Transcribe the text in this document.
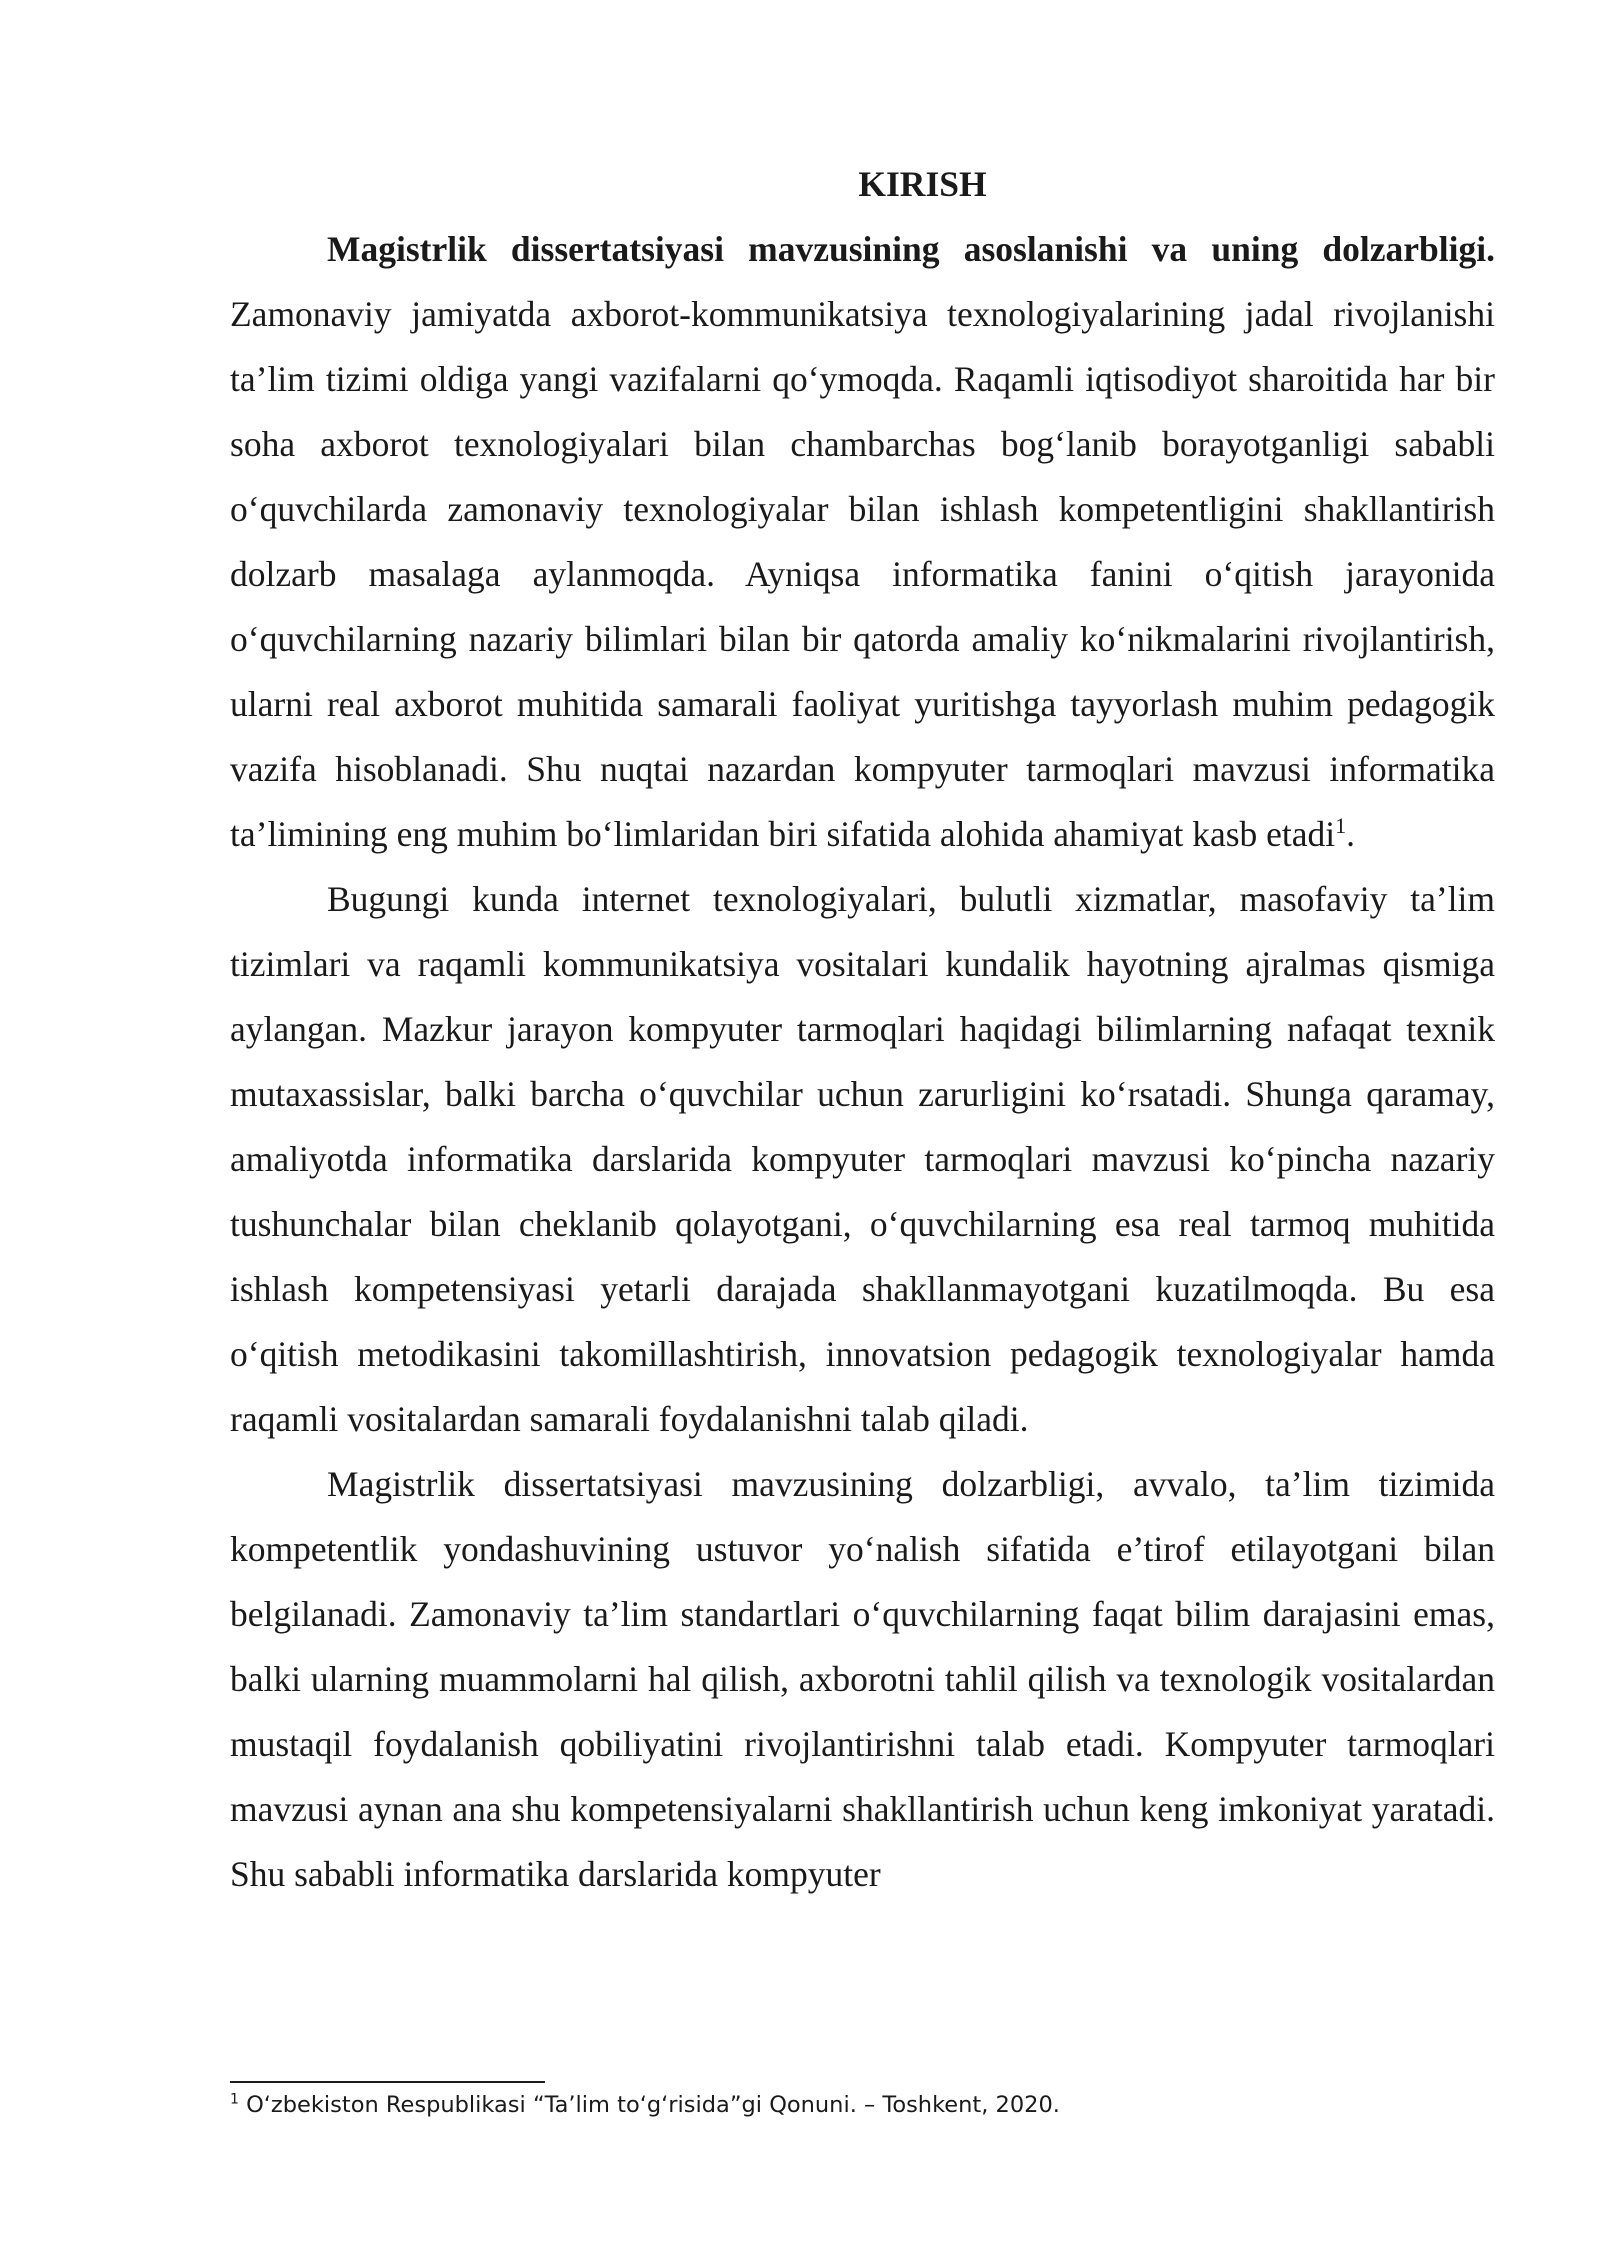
KIRISH

Magistrlik dissertatsiyasi mavzusining asoslanishi va uning dolzarbligi. Zamonaviy jamiyatda axborot-kommunikatsiya texnologiyalarining jadal rivojlanishi ta’lim tizimi oldiga yangi vazifalarni qo‘ymoqda. Raqamli iqtisodiyot sharoitida har bir soha axborot texnologiyalari bilan chambarchas bog‘lanib borayotganligi sababli o‘quvchilarda zamonaviy texnologiyalar bilan ishlash kompetentligini shakllantirish dolzarb masalaga aylanmoqda. Ayniqsa informatika fanini o‘qitish jarayonida o‘quvchilarning nazariy bilimlari bilan bir qatorda amaliy ko‘nikmalarini rivojlantirish, ularni real axborot muhitida samarali faoliyat yuritishga tayyorlash muhim pedagogik vazifa hisoblanadi. Shu nuqtai nazardan kompyuter tarmoqlari mavzusi informatika ta’limining eng muhim bo‘limlaridan biri sifatida alohida ahamiyat kasb etadi$^1$.

Bugungi kunda internet texnologiyalari, bulutli xizmatlar, masofaviy ta’lim tizimlari va raqamli kommunikatsiya vositalari kundalik hayotning ajralmas qismiga aylangan. Mazkur jarayon kompyuter tarmoqlari haqidagi bilimlarning nafaqat texnik mutaxassislar, balki barcha o‘quvchilar uchun zarurligini ko‘rsatadi. Shunga qaramay, amaliyotda informatika darslarida kompyuter tarmoqlari mavzusi ko‘pincha nazariy tushunchalar bilan cheklanib qolayotgani, o‘quvchilarning esa real tarmoq muhitida ishlash kompetensiyasi yetarli darajada shakllanmayotgani kuzatilmoqda. Bu esa o‘qitish metodikasini takomillashtirish, innovatsion pedagogik texnologiyalar hamda raqamli vositalardan samarali foydalanishni talab qiladi.

Magistrlik dissertatsiyasi mavzusining dolzarbligi, avvalo, ta’lim tizimida kompetentlik yondashuvining ustuvor yo‘nalish sifatida e’tirof etilayotgani bilan belgilanadi. Zamonaviy ta’lim standartlari o‘quvchilarning faqat bilim darajasini emas, balki ularning muammolarni hal qilish, axborotni tahlil qilish va texnologik vositalardan mustaqil foydalanish qobiliyatini rivojlantirishni talab etadi. Kompyuter tarmoqlari mavzusi aynan ana shu kompetensiyalarni shakllantirish uchun keng imkoniyat yaratadi. Shu sababli informatika darslarida kompyuter

$^1$ O‘zbekiston Respublikasi “Ta’lim to‘g‘risida”gi Qonuni. – Toshkent, 2020.
